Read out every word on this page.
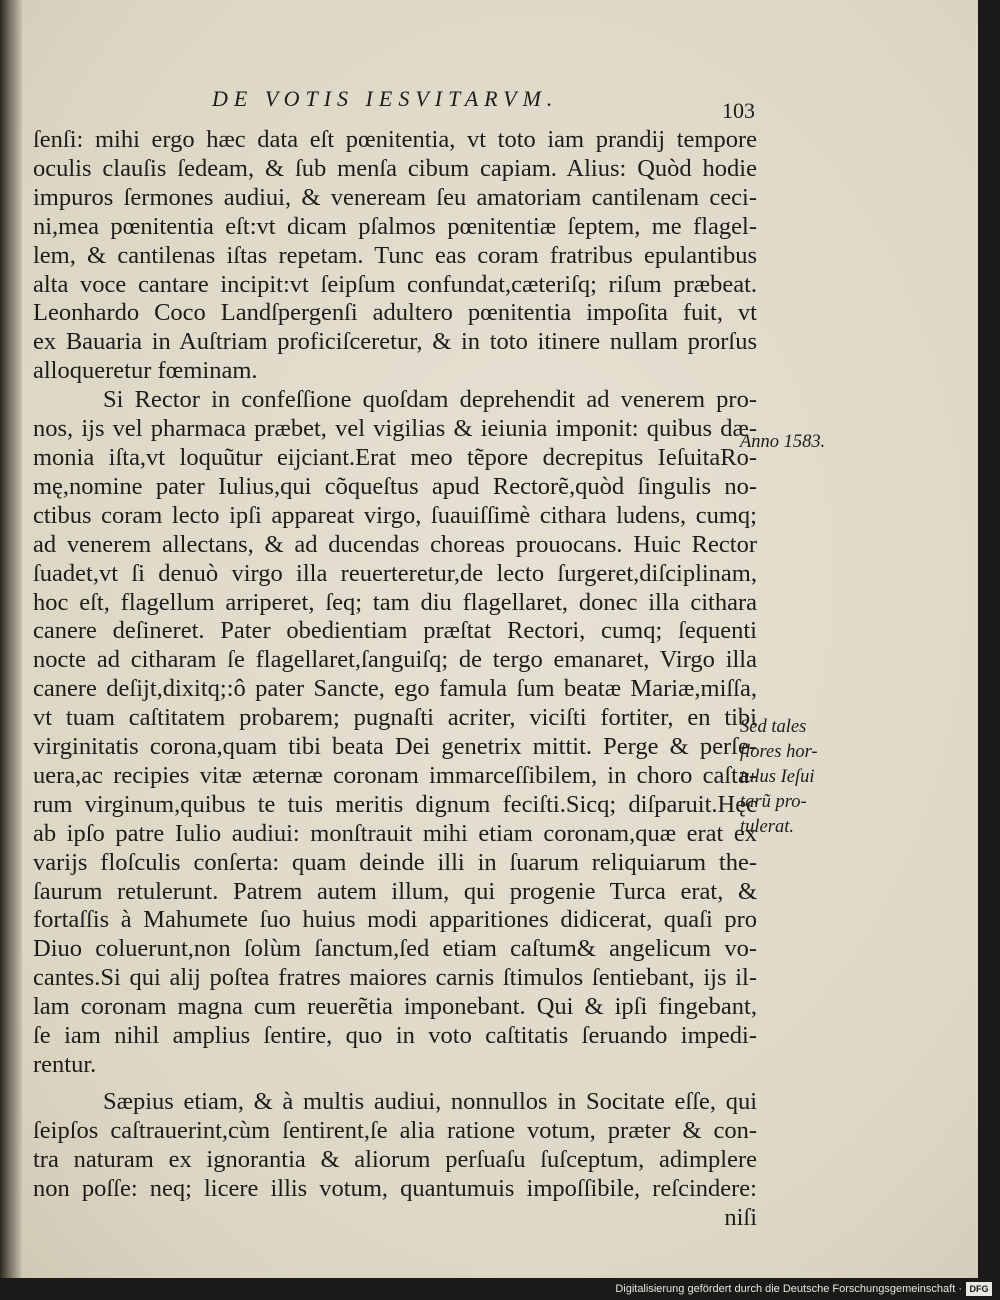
DE VOTIS IESVITARVM.	103
ſenſi: mihi ergo hæc data eſt pœnitentia, vt toto iam prandij tempore
oculis clauſis ſedeam, & ſub menſa cibum capiam. Alius: Quòd hodie
impuros ſermones audiui, & veneream ſeu amatoriam cantilenam ceci-
ni,mea pœnitentia eſt:vt dicam pſalmos pœnitentiæ ſeptem, me flagel-
lem, & cantilenas iſtas repetam. Tunc eas coram fratribus epulantibus
alta voce cantare incipit:vt ſeipſum confundat,cæteriſq; riſum præbeat.
Leonhardo Coco Landſpergenſi adultero pœnitentia impoſita fuit, vt
ex Bauaria in Auſtriam proficiſceretur, & in toto itinere nullam prorſus
alloqueretur fœminam.
Si Rector in confeſſione quoſdam deprehendit ad venerem pro-
nos, ijs vel pharmaca præbet, vel vigilias & ieiunia imponit: quibus dæ-
monia iſta,vt loquũtur eijciant.Erat meo tẽpore decrepitus IeſuitaRo-
mę,nomine pater Iulius,qui cõqueſtus apud Rectorẽ,quòd ſingulis no-
ctibus coram lecto ipſi appareat virgo, ſuauiſſimè cithara ludens, cumq;
ad venerem allectans, & ad ducendas choreas prouocans. Huic Rector
ſuadet,vt ſi denuò virgo illa reuerteretur,de lecto ſurgeret,diſciplinam,
hoc eſt, flagellum arriperet, ſeq; tam diu flagellaret, donec illa cithara
canere deſineret. Pater obedientiam præſtat Rectori, cumq; ſequenti
nocte ad citharam ſe flagellaret,ſanguiſq; de tergo emanaret, Virgo illa
canere deſijt,dixitq;:ô pater Sancte, ego famula ſum beatæ Mariæ,miſſa,
vt tuam caſtitatem probarem; pugnaſti acriter, viciſti fortiter, en tibi
virginitatis corona,quam tibi beata Dei genetrix mittit. Perge & perſe-
uera,ac recipies vitæ æternæ coronam immarceſſibilem, in choro caſta-
rum virginum,quibus te tuis meritis dignum feciſti.Sicq; diſparuit.Hęc
ab ipſo patre Iulio audiui: monſtrauit mihi etiam coronam,quæ erat ex
varijs floſculis conſerta: quam deinde illi in ſuarum reliquiarum the-
ſaurum retulerunt. Patrem autem illum, qui progenie Turca erat, &
fortaſſis à Mahumete ſuo huius modi apparitiones didicerat, quaſi pro
Diuo coluerunt,non ſolùm ſanctum,ſed etiam caſtum& angelicum vo-
cantes.Si qui alij poſtea fratres maiores carnis ſtimulos ſentiebant, ijs il-
lam coronam magna cum reuerẽtia imponebant. Qui & ipſi fingebant,
ſe iam nihil amplius ſentire, quo in voto caſtitatis ſeruando impedi-
rentur.
Sæpius etiam, & à multis audiui, nonnullos in Socitate eſſe, qui
ſeipſos caſtrauerint,cùm ſentirent,ſe alia ratione votum, præter & con-
tra naturam ex ignorantia & aliorum perſuaſu ſuſceptum, adimplere
non poſſe: neq; licere illis votum, quantumuis impoſſibile, reſcindere:
niſi
Anno 1583.
Sed tales
flores hor-
tulus Ieſui
tarũ pro-
tulerat.
Digitalisierung gefördert durch die Deutsche Forschungsgemeinschaft · DFG
